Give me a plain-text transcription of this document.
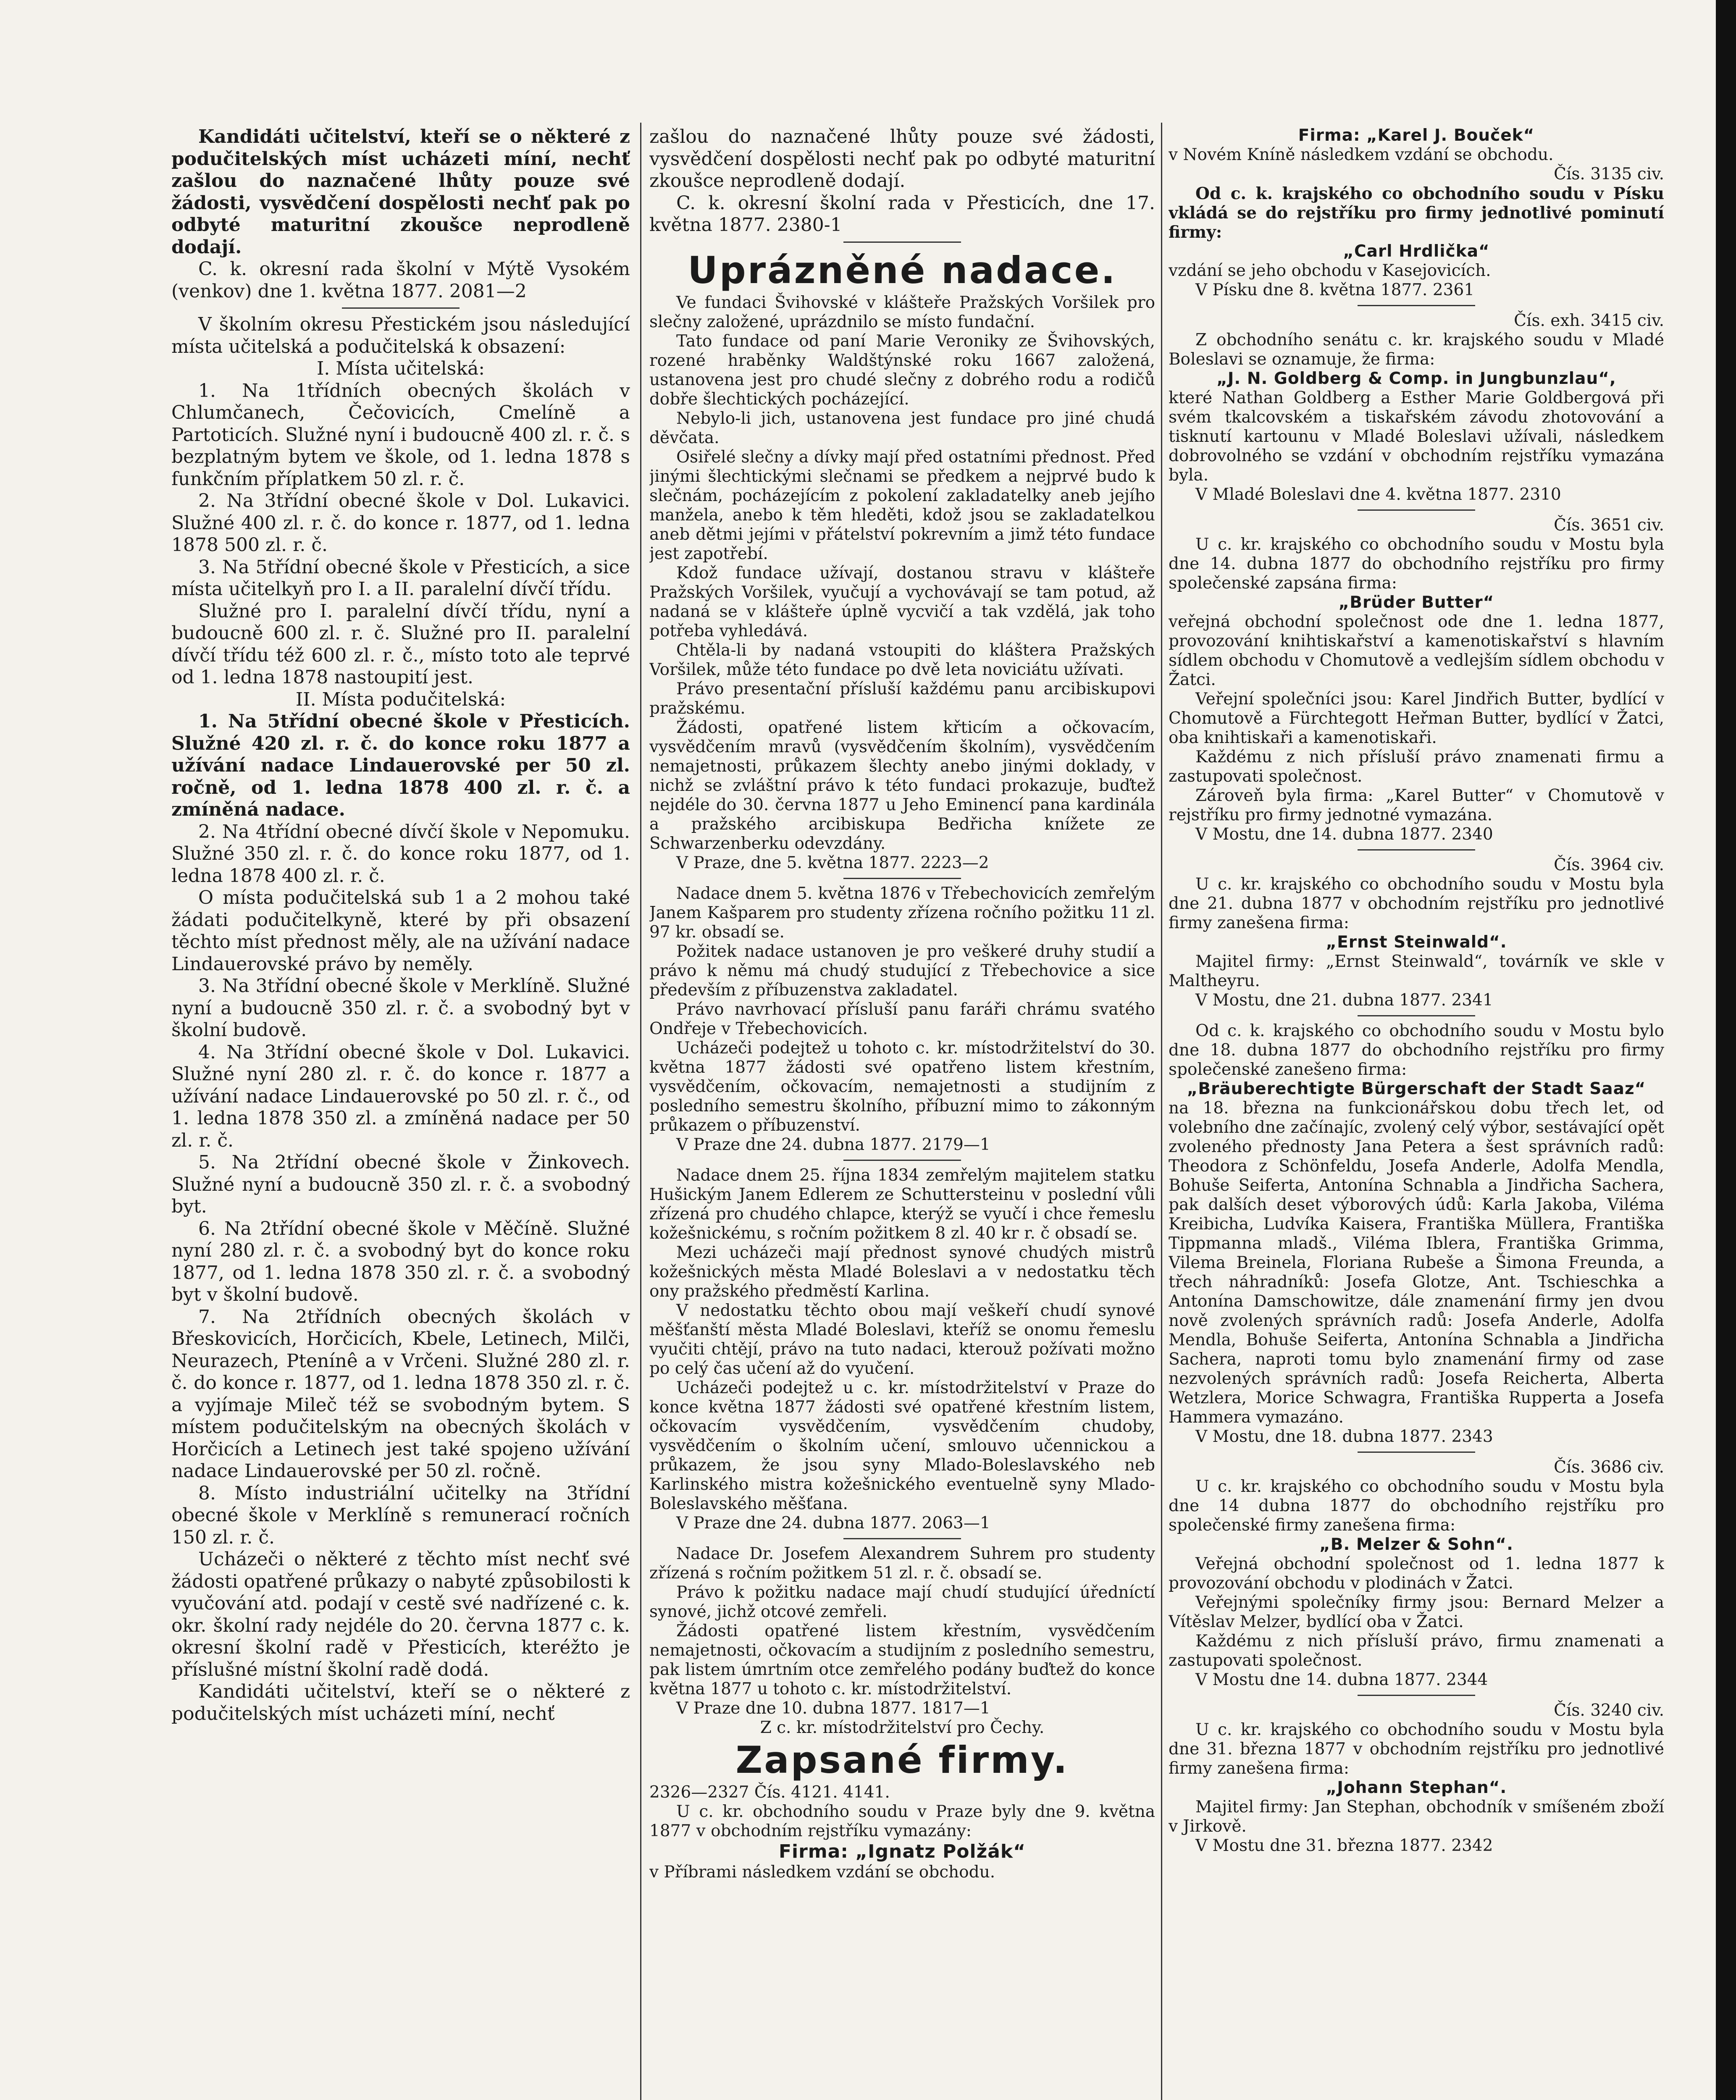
Kandidáti učitelství, kteří se o některé z podučitelských míst ucházeti míní, nechť zašlou do naznačené lhůty pouze své žádosti, vysvědčení dospělosti nechť pak po odbyté maturitní zkoušce neprodleně dodají.

C. k. okresní rada školní v Mýtě Vysokém (venkov) dne 1. května 1877. 2081—2

V školním okresu Přestickém jsou následující místa učitelská a podučitelská k obsazení:

I. Místa učitelská:

1. Na 1třídních obecných školách v Chlumčanech, Čečovicích, Cmelíně a Partoticích. Služné nyní i budoucně 400 zl. r. č. s bezplatným bytem ve škole, od 1. ledna 1878 s funkčním příplatkem 50 zl. r. č.

2. Na 3třídní obecné škole v Dol. Lukavici. Služné 400 zl. r. č. do konce r. 1877, od 1. ledna 1878 500 zl. r. č.

3. Na 5třídní obecné škole v Přesticích, a sice místa učitelkyň pro I. a II. paralelní dívčí třídu.

Služné pro I. paralelní dívčí třídu, nyní a budoucně 600 zl. r. č. Služné pro II. paralelní dívčí třídu též 600 zl. r. č., místo toto ale teprvé od 1. ledna 1878 nastoupití jest.

II. Místa podučitelská:

1. Na 5třídní obecné škole v Přesticích. Služné 420 zl. r. č. do konce roku 1877 a užívání nadace Lindauerovské per 50 zl. ročně, od 1. ledna 1878 400 zl. r. č. a zmíněná nadace.

2. Na 4třídní obecné dívčí škole v Nepomuku. Služné 350 zl. r. č. do konce roku 1877, od 1. ledna 1878 400 zl. r. č.

O místa podučitelská sub 1 a 2 mohou také žádati podučitelkyně, které by při obsazení těchto míst přednost měly, ale na užívání nadace Lindauerovské právo by neměly.

3. Na 3třídní obecné škole v Merklíně. Služné nyní a budoucně 350 zl. r. č. a svobodný byt v školní budově.

4. Na 3třídní obecné škole v Dol. Lukavici. Služné nyní 280 zl. r. č. do konce r. 1877 a užívání nadace Lindauerovské po 50 zl. r. č., od 1. ledna 1878 350 zl. a zmíněná nadace per 50 zl. r. č.

5. Na 2třídní obecné škole v Žinkovech. Služné nyní a budoucně 350 zl. r. č. a svobodný byt.

6. Na 2třídní obecné škole v Měčíně. Služné nyní 280 zl. r. č. a svobodný byt do konce roku 1877, od 1. ledna 1878 350 zl. r. č. a svobodný byt v školní budově.

7. Na 2třídních obecných školách v Břeskovicích, Horčicích, Kbele, Letinech, Milči, Neurazech, Ptenínê a v Vrčeni. Služné 280 zl. r. č. do konce r. 1877, od 1. ledna 1878 350 zl. r. č. a vyjímaje Mileč též se svobodným bytem. S místem podučitelským na obecných školách v Horčicích a Letinech jest také spojeno užívání nadace Lindauerovské per 50 zl. ročně.

8. Místo industriální učitelky na 3třídní obecné škole v Merklíně s remunerací ročních 150 zl. r. č.

Ucházeči o některé z těchto míst nechť své žádosti opatřené průkazy o nabyté způsobilosti k vyučování atd. podají v cestě své nadřízené c. k. okr. školní rady nejdéle do 20. června 1877 c. k. okresní školní radě v Přesticích, kteréžto je příslušné místní školní radě dodá.

Kandidáti učitelství, kteří se o některé z podučitelských míst ucházeti míní, nechť

zašlou do naznačené lhůty pouze své žádosti, vysvědčení dospělosti nechť pak po odbyté maturitní zkoušce neprodleně dodají.

C. k. okresní školní rada v Přesticích, dne 17. května 1877. 2380-1

Uprázněné nadace.

Ve fundaci Švihovské v klášteře Pražských Voršilek pro slečny založené, uprázdnilo se místo fundační.

Tato fundace od paní Marie Veroniky ze Švihovských, rozené hraběnky Waldštýnské roku 1667 založená, ustanovena jest pro chudé slečny z dobrého rodu a rodičů dobře šlechtických pocházející.

Nebylo-li jich, ustanovena jest fundace pro jiné chudá děvčata.

Osiřelé slečny a dívky mají před ostatními přednost. Před jinými šlechtickými slečnami se předkem a nejprvé budo k slečnám, pocházejícím z pokolení zakladatelky aneb jejího manžela, anebo k těm hleděti, kdož jsou se zakladatelkou aneb dětmi jejími v přátelství pokrevním a jimž této fundace jest zapotřebí.

Kdož fundace užívají, dostanou stravu v klášteře Pražských Voršilek, vyučují a vychovávají se tam potud, až nadaná se v klášteře úplně vycvičí a tak vzdělá, jak toho potřeba vyhledává.

Chtěla-li by nadaná vstoupiti do kláštera Pražských Voršilek, může této fundace po dvě leta noviciátu užívati.

Právo presentační přísluší každému panu arcibiskupovi pražskému.

Žádosti, opatřené listem křticím a očkovacím, vysvědčením mravů (vysvědčením školním), vysvědčením nemajetnosti, průkazem šlechty anebo jinými doklady, v nichž se zvláštní právo k této fundaci prokazuje, buďtež nejdéle do 30. června 1877 u Jeho Eminencí pana kardinála a pražského arcibiskupa Bedřicha knížete ze Schwarzenberku odevzdány.

V Praze, dne 5. května 1877. 2223—2

Nadace dnem 5. května 1876 v Třebechovicích zemřelým Janem Kašparem pro studenty zřízena ročního požitku 11 zl. 97 kr. obsadí se.

Požitek nadace ustanoven je pro veškeré druhy studií a právo k němu má chudý studující z Třebechovice a sice především z příbuzenstva zakladatel.

Právo navrhovací přísluší panu faráři chrámu svatého Ondřeje v Třebechovicích.

Ucházeči podejtež u tohoto c. kr. místodržitelství do 30. května 1877 žádosti své opatřeno listem křestním, vysvědčením, očkovacím, nemajetnosti a studijním z posledního semestru školního, příbuzní mimo to zákonným průkazem o příbuzenství.

V Praze dne 24. dubna 1877. 2179—1

Nadace dnem 25. října 1834 zemřelým majitelem statku Hušickým Janem Edlerem ze Schuttersteinu v poslední vůli zřízená pro chudého chlapce, kterýž se vyučí i chce řemeslu kožešnickému, s ročním požitkem 8 zl. 40 kr r. č obsadí se.

Mezi ucházeči mají přednost synové chudých mistrů kožešnických města Mladé Boleslavi a v nedostatku těch ony pražského předměstí Karlina.

V nedostatku těchto obou mají veškeří chudí synové měšťanští města Mladé Boleslavi, kteříž se onomu řemeslu vyučiti chtějí, právo na tuto nadaci, kterouž požívati možno po celý čas učení až do vyučení.

Ucházeči podejtež u c. kr. místodržitelství v Praze do konce května 1877 žádosti své opatřené křestním listem, očkovacím vysvědčením, vysvědčením chudoby, vysvědčením o školním učení, smlouvo učennickou a průkazem, že jsou syny Mlado-Boleslavského neb Karlinského mistra kožešnického eventuelně syny Mlado-Boleslavského měšťana.

V Praze dne 24. dubna 1877. 2063—1

Nadace Dr. Josefem Alexandrem Suhrem pro studenty zřízená s ročním požitkem 51 zl. r. č. obsadí se.

Právo k požitku nadace mají chudí studující úředníctí synové, jichž otcové zemřeli.

Žádosti opatřené listem křestním, vysvědčením nemajetnosti, očkovacím a studijním z posledního semestru, pak listem úmrtním otce zemřelého podány buďtež do konce května 1877 u tohoto c. kr. místodržitelství.

V Praze dne 10. dubna 1877. 1817—1

Z c. kr. místodržitelství pro Čechy.

Zapsané firmy.

2326—2327 Čís. 4121. 4141.

U c. kr. obchodního soudu v Praze byly dne 9. května 1877 v obchodním rejstříku vymazány:

Firma: „Ignatz Polžák“

v Příbrami následkem vzdání se obchodu.

Firma: „Karel J. Bouček“

v Novém Kníně následkem vzdání se obchodu.

Čís. 3135 civ.

Od c. k. krajského co obchodního soudu v Písku vkládá se do rejstříku pro firmy jednotlivé pominutí firmy:

„Carl Hrdlička“

vzdání se jeho obchodu v Kasejovicích.

V Písku dne 8. května 1877. 2361

Čís. exh. 3415 civ.

Z obchodního senátu c. kr. krajského soudu v Mladé Boleslavi se oznamuje, že firma:

„J. N. Goldberg & Comp. in Jungbunzlau“,

které Nathan Goldberg a Esther Marie Goldbergová při svém tkalcovském a tiskařském závodu zhotovování a tisknutí kartounu v Mladé Boleslavi užívali, následkem dobrovolného se vzdání v obchodním rejstříku vymazána byla.

V Mladé Boleslavi dne 4. května 1877. 2310

Čís. 3651 civ.

U c. kr. krajského co obchodního soudu v Mostu byla dne 14. dubna 1877 do obchodního rejstříku pro firmy společenské zapsána firma:

„Brüder Butter“

veřejná obchodní společnost ode dne 1. ledna 1877, provozování knihtiskařství a kamenotiskařství s hlavním sídlem obchodu v Chomutově a vedlejším sídlem obchodu v Žatci.

Veřejní společníci jsou: Karel Jindřich Butter, bydlící v Chomutově a Fürchtegott Heřman Butter, bydlící v Žatci, oba knihtiskaři a kamenotiskaři.

Každému z nich přísluší právo znamenati firmu a zastupovati společnost.

Zároveň byla firma: „Karel Butter“ v Chomutově v rejstříku pro firmy jednotné vymazána.

V Mostu, dne 14. dubna 1877. 2340

Čís. 3964 civ.

U c. kr. krajského co obchodního soudu v Mostu byla dne 21. dubna 1877 v obchodním rejstříku pro jednotlivé firmy zanešena firma:

„Ernst Steinwald“.

Majitel firmy: „Ernst Steinwald“, továrník ve skle v Maltheyru.

V Mostu, dne 21. dubna 1877. 2341

Od c. k. krajského co obchodního soudu v Mostu bylo dne 18. dubna 1877 do obchodního rejstříku pro firmy společenské zanešeno firma:

„Bräuberechtigte Bürgerschaft der Stadt Saaz“

na 18. března na funkcionářskou dobu třech let, od volebního dne začínajíc, zvolený celý výbor, sestávající opět zvoleného přednosty Jana Petera a šest správních radů: Theodora z Schönfeldu, Josefa Anderle, Adolfa Mendla, Bohuše Seiferta, Antonína Schnabla a Jindřicha Sachera, pak dalších deset výborových údů: Karla Jakoba, Viléma Kreibicha, Ludvíka Kaisera, Františka Müllera, Františka Tippmanna mladš., Viléma Iblera, Františka Grimma, Vilema Breinela, Floriana Rubeše a Šimona Freunda, a třech náhradníků: Josefa Glotze, Ant. Tschieschka a Antonína Damschowitze, dále znamenání firmy jen dvou nově zvolených správních radů: Josefa Anderle, Adolfa Mendla, Bohuše Seiferta, Antonína Schnabla a Jindřicha Sachera, naproti tomu bylo znamenání firmy od zase nezvolených správních radů: Josefa Reicherta, Alberta Wetzlera, Morice Schwagra, Františka Rupperta a Josefa Hammera vymazáno.

V Mostu, dne 18. dubna 1877. 2343

Čís. 3686 civ.

U c. kr. krajského co obchodního soudu v Mostu byla dne 14 dubna 1877 do obchodního rejstříku pro společenské firmy zanešena firma:

„B. Melzer & Sohn“.

Veřejná obchodní společnost od 1. ledna 1877 k provozování obchodu v plodinách v Žatci.

Veřejnými společníky firmy jsou: Bernard Melzer a Vítěslav Melzer, bydlící oba v Žatci.

Každému z nich přísluší právo, firmu znamenati a zastupovati společnost.

V Mostu dne 14. dubna 1877. 2344

Čís. 3240 civ.

U c. kr. krajského co obchodního soudu v Mostu byla dne 31. března 1877 v obchodním rejstříku pro jednotlivé firmy zanešena firma:

„Johann Stephan“.

Majitel firmy: Jan Stephan, obchodník v smíšeném zboží v Jirkově.

V Mostu dne 31. března 1877. 2342
